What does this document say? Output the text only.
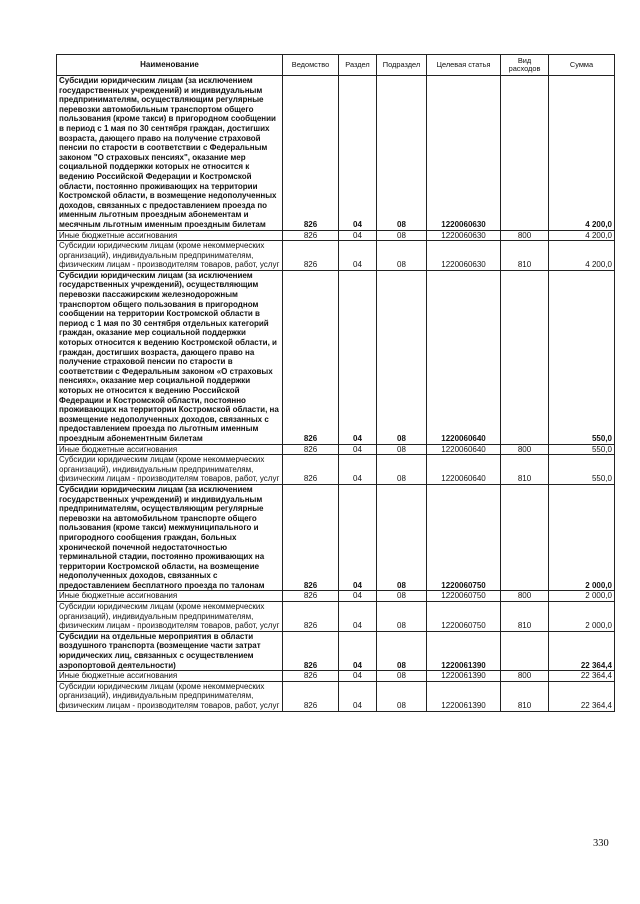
Наименование	Ведомство	Раздел	Подраздел	Целевая статья	Вид расходов	Сумма
Субсидии юридическим лицам (за исключением государственных учреждений) и индивидуальным предпринимателям, осуществляющим регулярные перевозки автомобильным транспортом общего пользования (кроме такси) в пригородном сообщении в период с 1 мая по 30 сентября граждан, достигших возраста, дающего право на получение страховой пенсии по старости в соответствии с Федеральным законом "О страховых пенсиях", оказание мер социальной поддержки которых не относится к ведению Российской Федерации и Костромской области, постоянно проживающих на территории Костромской области, в возмещение недополученных доходов, связанных с предоставлением проезда по именным льготным проездным абонементам и месячным льготным именным проездным билетам	826	04	08	1220060630		4 200,0
Иные бюджетные ассигнования	826	04	08	1220060630	800	4 200,0
Субсидии юридическим лицам (кроме некоммерческих организаций), индивидуальным предпринимателям, физическим лицам - производителям товаров, работ, услуг	826	04	08	1220060630	810	4 200,0
Субсидии юридическим лицам (за исключением государственных учреждений), осуществляющим перевозки пассажирским железнодорожным транспортом общего пользования в пригородном сообщении на территории Костромской области в период с 1 мая по 30 сентября отдельных категорий граждан, оказание мер социальной поддержки которых относится к ведению Костромской области, и граждан, достигших возраста, дающего право на получение страховой пенсии по старости в соответствии с Федеральным законом «О страховых пенсиях», оказание мер социальной поддержки которых не относится к ведению Российской Федерации и Костромской области, постоянно проживающих на территории Костромской области, на возмещение недополученных доходов, связанных с предоставлением проезда по льготным именным проездным абонементным билетам	826	04	08	1220060640		550,0
Иные бюджетные ассигнования	826	04	08	1220060640	800	550,0
Субсидии юридическим лицам (кроме некоммерческих организаций), индивидуальным предпринимателям, физическим лицам - производителям товаров, работ, услуг	826	04	08	1220060640	810	550,0
Субсидии юридическим лицам (за исключением государственных учреждений) и индивидуальным предпринимателям, осуществляющим регулярные перевозки на автомобильном транспорте общего пользования (кроме такси) межмуниципального и пригородного сообщения граждан, больных хронической почечной недостаточностью терминальной стадии, постоянно проживающих на территории Костромской области, на возмещение недополученных доходов, связанных с предоставлением бесплатного проезда по талонам	826	04	08	1220060750		2 000,0
Иные бюджетные ассигнования	826	04	08	1220060750	800	2 000,0
Субсидии юридическим лицам (кроме некоммерческих организаций), индивидуальным предпринимателям, физическим лицам - производителям товаров, работ, услуг	826	04	08	1220060750	810	2 000,0
Субсидии на отдельные мероприятия в области воздушного транспорта (возмещение части затрат юридических лиц, связанных с осуществлением аэропортовой деятельности)	826	04	08	1220061390		22 364,4
Иные бюджетные ассигнования	826	04	08	1220061390	800	22 364,4
Субсидии юридическим лицам (кроме некоммерческих организаций), индивидуальным предпринимателям, физическим лицам - производителям товаров, работ, услуг	826	04	08	1220061390	810	22 364,4
330
